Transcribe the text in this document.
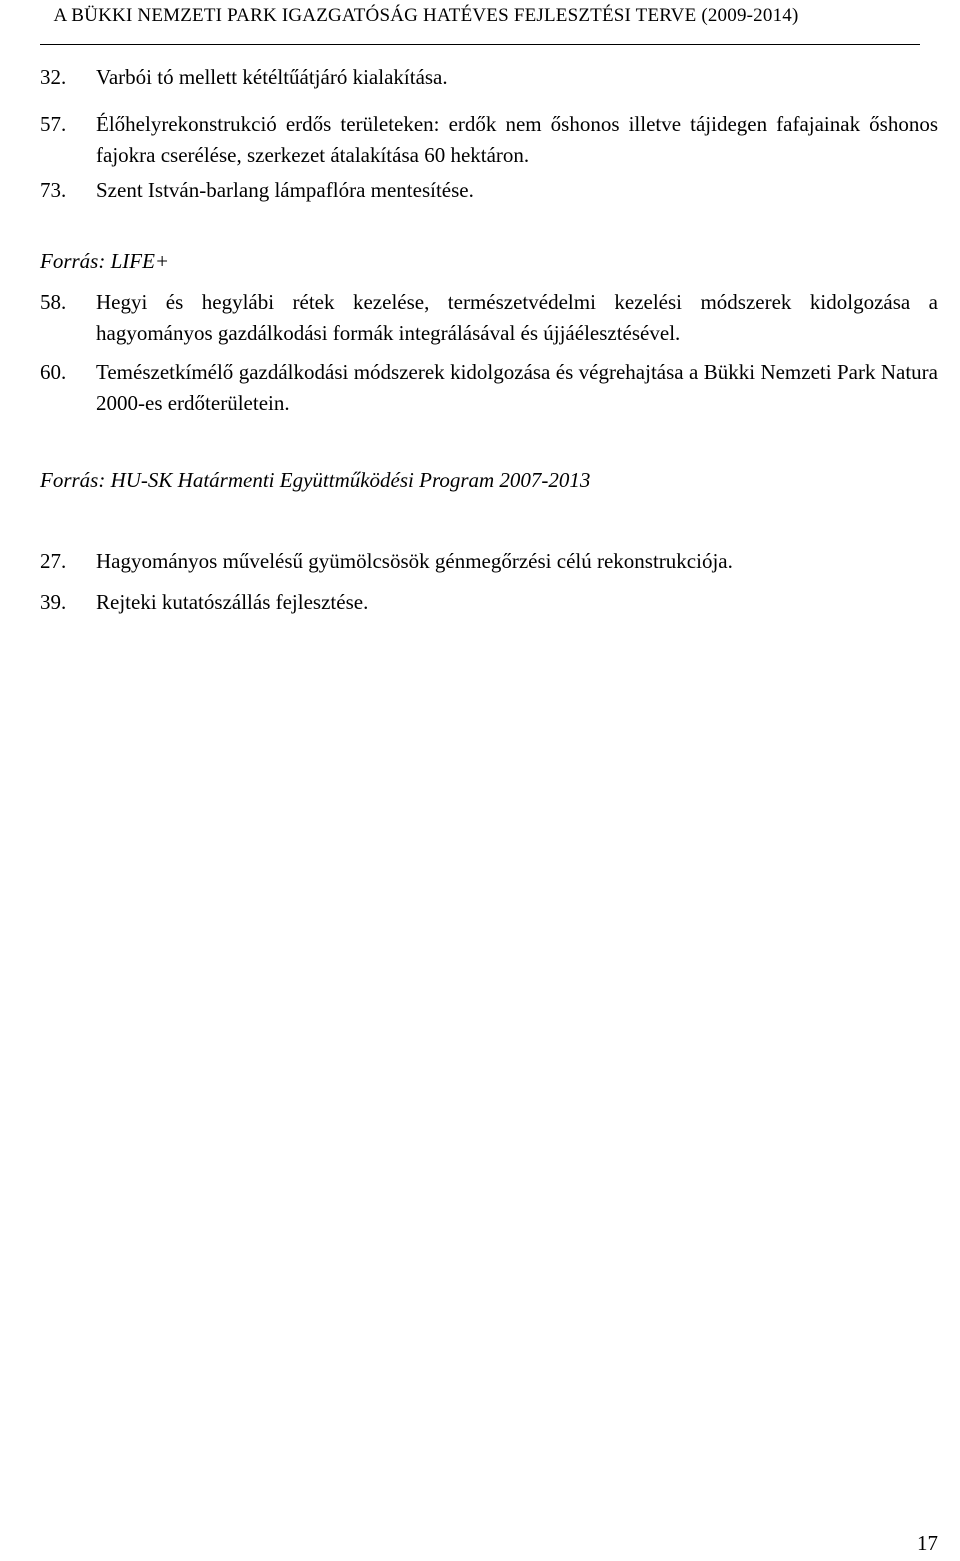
A BÜKKI NEMZETI PARK IGAZGATÓSÁG HATÉVES FEJLESZTÉSI TERVE (2009-2014)
32.	Varbói tó mellett kétéltűátjáró kialakítása.
57.	Élőhelyrekonstrukció erdős területeken: erdők nem őshonos illetve tájidegen fafajainak őshonos fajokra cserélése, szerkezet átalakítása 60 hektáron.
73.	Szent István-barlang lámpaflóra mentesítése.
Forrás: LIFE+
58.	Hegyi és hegylábi rétek kezelése, természetvédelmi kezelési módszerek kidolgozása a hagyományos gazdálkodási formák integrálásával és újjáélesztésével.
60.	Temészetkímélő gazdálkodási módszerek kidolgozása és végrehajtása a Bükki Nemzeti Park Natura 2000-es erdőterületein.
Forrás: HU-SK Határmenti Együttműködési Program 2007-2013
27.	Hagyományos művelésű gyümölcsösök génmegőrzési célú rekonstrukciója.
39.	Rejteki kutatószállás fejlesztése.
17
